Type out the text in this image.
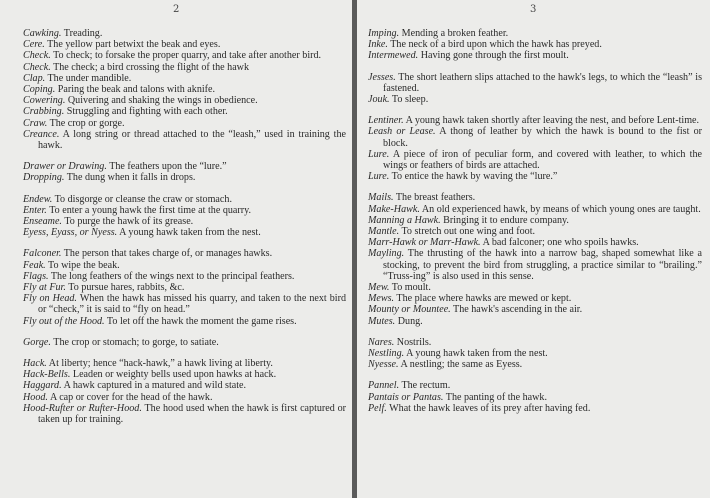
2

Cawking. Treading.

Cere. The yellow part betwixt the beak and eyes.

Check. To check; to forsake the proper quarry, and take after another bird.

Check. The check; a bird crossing the flight of the hawk

Clap. The under mandible.

Coping. Paring the beak and talons with aknife.

Cowering. Quivering and shaking the wings in obedience.

Crabbing. Struggling and fighting with each other.

Craw. The crop or gorge.

Creance. A long string or thread attached to the “leash,” used in training the hawk.

Drawer or Drawing. The feathers upon the “lure.”

Dropping. The dung when it falls in drops.

Endew. To disgorge or cleanse the craw or stomach.

Enter. To enter a young hawk the first time at the quarry.

Enseame. To purge the hawk of its grease.

Eyess, Eyass, or Nyess. A young hawk taken from the nest.

Falconer. The person that takes charge of, or manages hawks.

Feak. To wipe the beak.

Flags. The long feathers of the wings next to the principal feathers.

Fly at Fur. To pursue hares, rabbits, &c.

Fly on Head. When the hawk has missed his quarry, and taken to the next bird or “check,” it is said to “fly on head.”

Fly out of the Hood. To let off the hawk the moment the game rises.

Gorge. The crop or stomach; to gorge, to satiate.

Hack. At liberty; hence “hack-hawk,” a hawk living at liberty.

Hack-Bells. Leaden or weighty bells used upon hawks at hack.

Haggard. A hawk captured in a matured and wild state.

Hood. A cap or cover for the head of the hawk.

Hood-Rufter or Rufter-Hood. The hood used when the hawk is first captured or taken up for training.

3

Imping. Mending a broken feather.

Inke. The neck of a bird upon which the hawk has preyed.

Intermewed. Having gone through the first moult.

Jesses. The short leathern slips attached to the hawk's legs, to which the “leash” is fastened.

Jouk. To sleep.

Lentiner. A young hawk taken shortly after leaving the nest, and before Lent-time.

Leash or Lease. A thong of leather by which the hawk is bound to the fist or block.

Lure. A piece of iron of peculiar form, and covered with leather, to which the wings or feathers of birds are attached.

Lure. To entice the hawk by waving the “lure.”

Mails. The breast feathers.

Make-Hawk. An old experienced hawk, by means of which young ones are taught.

Manning a Hawk. Bringing it to endure company.

Mantle. To stretch out one wing and foot.

Marr-Hawk or Marr-Hawk. A bad falconer; one who spoils hawks.

Mayling. The thrusting of the hawk into a narrow bag, shaped somewhat like a stocking, to prevent the bird from struggling, a practice similar to “brailing.” “Truss-ing” is also used in this sense.

Mew. To moult.

Mews. The place where hawks are mewed or kept.

Mounty or Mountee. The hawk's ascending in the air.

Mutes. Dung.

Nares. Nostrils.

Nestling. A young hawk taken from the nest.

Nyesse. A nestling; the same as Eyess.

Pannel. The rectum.

Pantais or Pantas. The panting of the hawk.

Pelf. What the hawk leaves of its prey after having fed.
